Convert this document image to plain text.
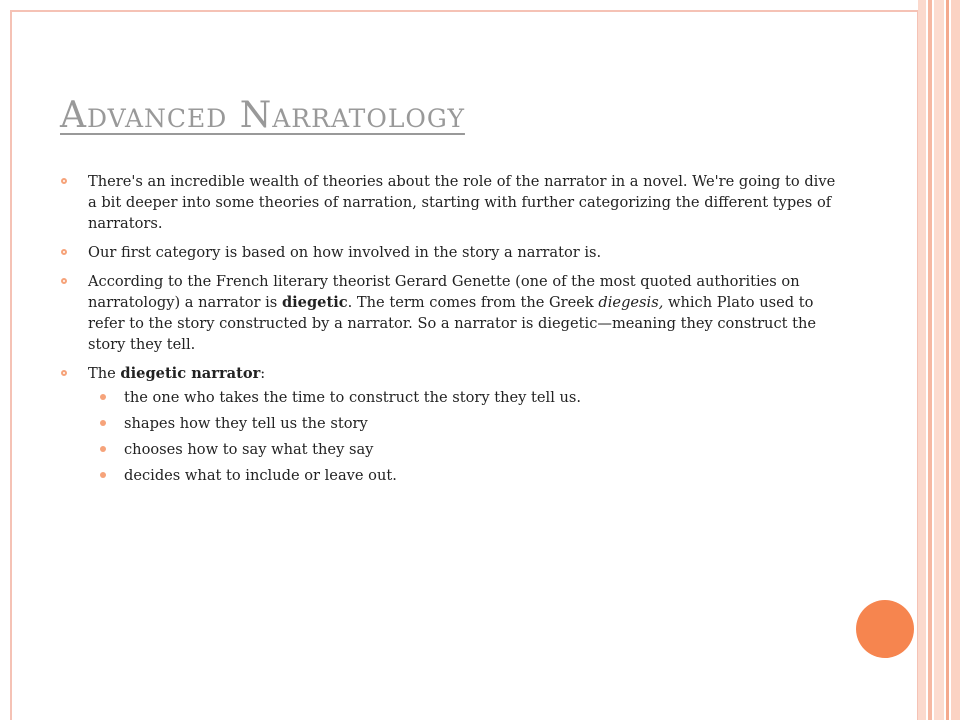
Advanced Narratology
There's an incredible wealth of theories about the role of the narrator in a novel. We're going to dive a bit deeper into some theories of narration, starting with further categorizing the different types of narrators.
Our first category is based on how involved in the story a narrator is.
According to the French literary theorist Gerard Genette (one of the most quoted authorities on narratology) a narrator is diegetic. The term comes from the Greek diegesis, which Plato used to refer to the story constructed by a narrator. So a narrator is diegetic—meaning they construct the story they tell.
The diegetic narrator:
the one who takes the time to construct the story they tell us.
shapes how they tell us the story
chooses how to say what they say
decides what to include or leave out.
